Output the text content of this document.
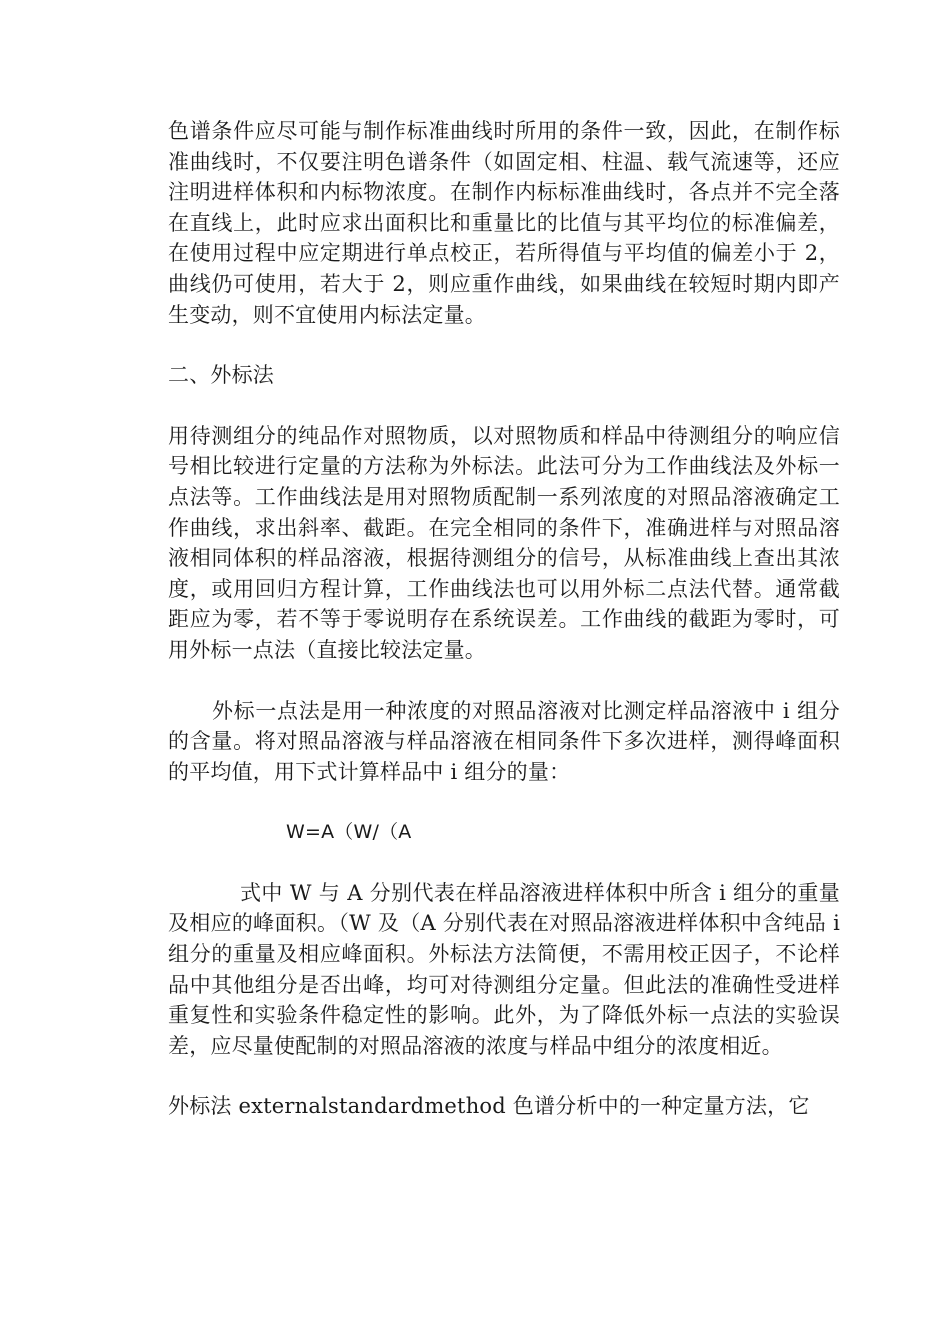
色谱条件应尽可能与制作标准曲线时所用的条件一致，因此，在制作标准曲线时，不仅要注明色谱条件（如固定相、柱温、载气流速等，还应注明进样体积和内标物浓度。在制作内标标准曲线时，各点并不完全落在直线上，此时应求出面积比和重量比的比值与其平均位的标准偏差，在使用过程中应定期进行单点校正，若所得值与平均值的偏差小于 2，曲线仍可使用，若大于 2，则应重作曲线，如果曲线在较短时期内即产生变动，则不宜使用内标法定量。

二、外标法

用待测组分的纯品作对照物质，以对照物质和样品中待测组分的响应信号相比较进行定量的方法称为外标法。此法可分为工作曲线法及外标一点法等。工作曲线法是用对照物质配制一系列浓度的对照品溶液确定工作曲线，求出斜率、截距。在完全相同的条件下，准确进样与对照品溶液相同体积的样品溶液，根据待测组分的信号，从标准曲线上查出其浓度，或用回归方程计算，工作曲线法也可以用外标二点法代替。通常截距应为零，若不等于零说明存在系统误差。工作曲线的截距为零时，可用外标一点法（直接比较法定量。

外标一点法是用一种浓度的对照品溶液对比测定样品溶液中 i 组分的含量。将对照品溶液与样品溶液在相同条件下多次进样，测得峰面积的平均值，用下式计算样品中 i 组分的量：

W=A（W/（A

式中 W 与 A 分别代表在样品溶液进样体积中所含 i 组分的重量及相应的峰面积。（W 及（A 分别代表在对照品溶液进样体积中含纯品 i 组分的重量及相应峰面积。外标法方法简便，不需用校正因子，不论样品中其他组分是否出峰，均可对待测组分定量。但此法的准确性受进样重复性和实验条件稳定性的影响。此外，为了降低外标一点法的实验误差，应尽量使配制的对照品溶液的浓度与样品中组分的浓度相近。

外标法 externalstandardmethod 色谱分析中的一种定量方法，它
